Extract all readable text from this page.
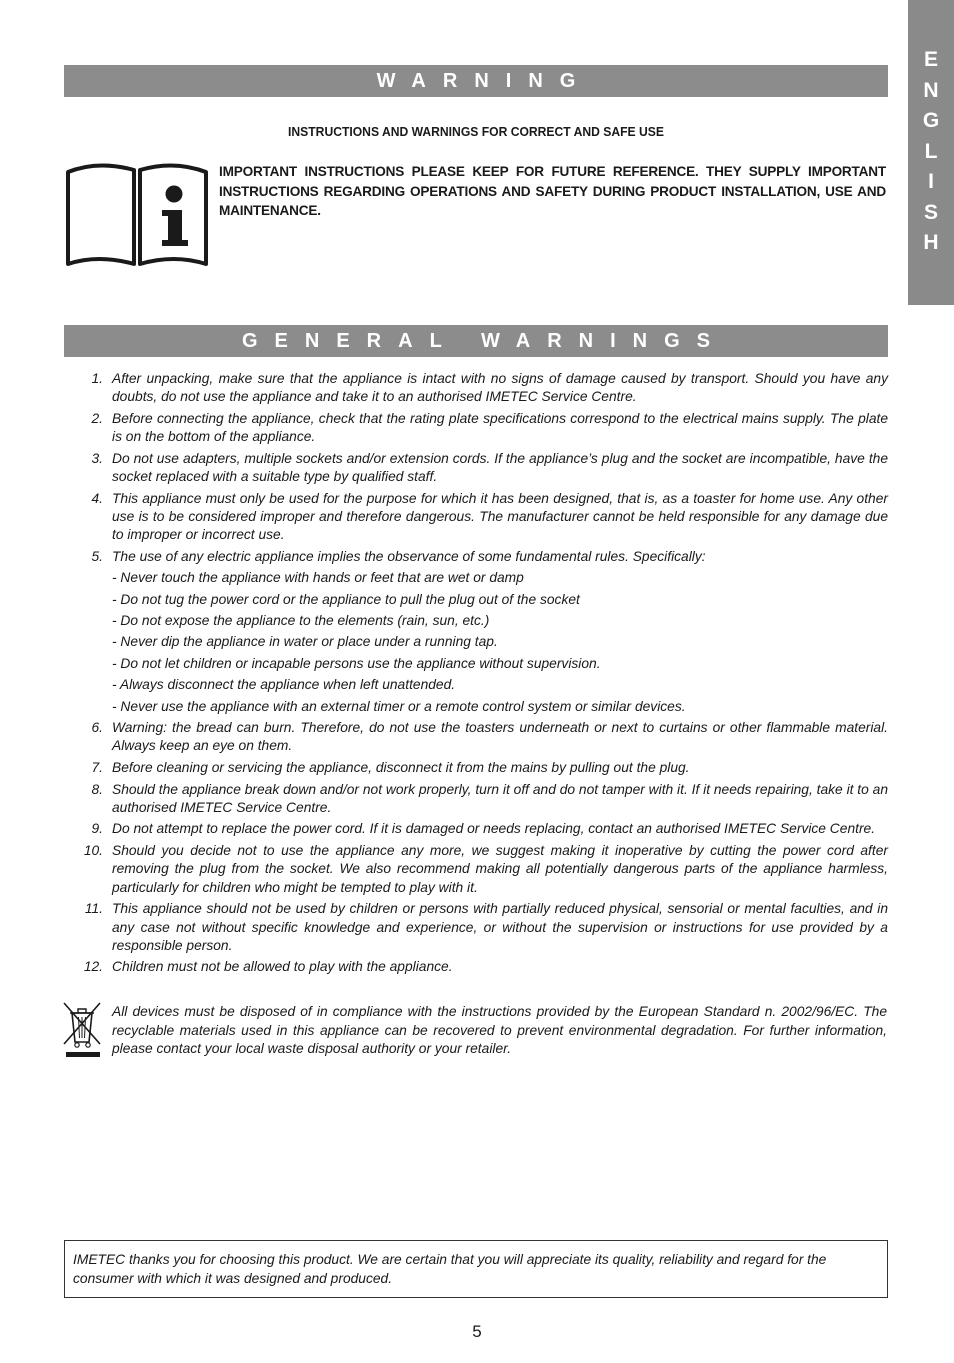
E
N
G
L
I
S
H
WARNING
INSTRUCTIONS AND WARNINGS FOR CORRECT AND SAFE USE
IMPORTANT INSTRUCTIONS PLEASE KEEP FOR FUTURE REFERENCE. THEY SUPPLY IMPORTANT INSTRUCTIONS REGARDING OPERATIONS AND SAFETY DURING PRODUCT INSTALLATION, USE AND MAINTENANCE.
GENERAL WARNINGS
1. After unpacking, make sure that the appliance is intact with no signs of damage caused by transport. Should you have any doubts, do not use the appliance and take it to an authorised IMETEC Service Centre.
2. Before connecting the appliance, check that the rating plate specifications correspond to the electrical mains supply. The plate is on the bottom of the appliance.
3. Do not use adapters, multiple sockets and/or extension cords. If the appliance’s plug and the socket are incompatible, have the socket replaced with a suitable type by qualified staff.
4. This appliance must only be used for the purpose for which it has been designed, that is, as a toaster for home use. Any other use is to be considered improper and therefore dangerous. The manufacturer cannot be held responsible for any damage due to improper or incorrect use.
5. The use of any electric appliance implies the observance of some fundamental rules. Specifically:
- Never touch the appliance with hands or feet that are wet or damp
- Do not tug the power cord or the appliance to pull the plug out of the socket
- Do not expose the appliance to the elements (rain, sun, etc.)
- Never dip the appliance in water or place under a running tap.
- Do not let children or incapable persons use the appliance without supervision.
- Always disconnect the appliance when left unattended.
- Never use the appliance with an external timer or a remote control system or similar devices.
6. Warning: the bread can burn. Therefore, do not use the toasters underneath or next to curtains or other flammable material. Always keep an eye on them.
7. Before cleaning or servicing the appliance, disconnect it from the mains by pulling out the plug.
8. Should the appliance break down and/or not work properly, turn it off and do not tamper with it. If it needs repairing, take it to an authorised IMETEC Service Centre.
9. Do not attempt to replace the power cord. If it is damaged or needs replacing, contact an authorised IMETEC Service Centre.
10. Should you decide not to use the appliance any more, we suggest making it inoperative by cutting the power cord after removing the plug from the socket. We also recommend making all potentially dangerous parts of the appliance harmless, particularly for children who might be tempted to play with it.
11. This appliance should not be used by children or persons with partially reduced physical, sensorial or mental faculties, and in any case not without specific knowledge and experience, or without the supervision or instructions for use provided by a responsible person.
12. Children must not be allowed to play with the appliance.
All devices must be disposed of in compliance with the instructions provided by the European Standard n. 2002/96/EC. The recyclable materials used in this appliance can be recovered to prevent environmental degradation. For further information, please contact your local waste disposal authority or your retailer.
IMETEC thanks you for choosing this product. We are certain that you will appreciate its quality, reliability and regard for the consumer with which it was designed and produced.
5
